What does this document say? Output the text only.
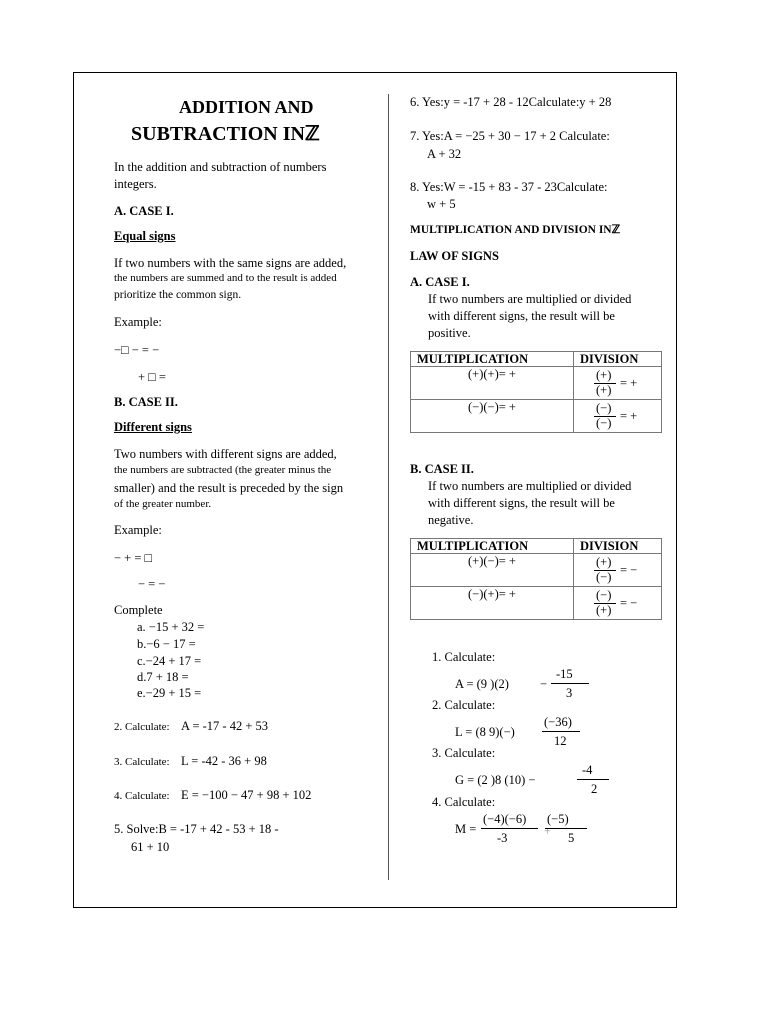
ADDITION AND
SUBTRACTION INℤ
In the addition and subtraction of numbers
integers.
A. CASE I.
Equal signs
If two numbers with the same signs are added,
the numbers are summed and to the result is added
prioritize the common sign.
Example:
−□ − = −
+ □ =
B. CASE II.
Different signs
Two numbers with different signs are added,
the numbers are subtracted (the greater minus the
smaller) and the result is preceded by the sign
of the greater number.
Example:
− + = □
− = −
Complete
a. −15 + 32 =
b.−6 − 17 =
c.−24 + 17 =
d.7 + 18 =
e.−29 + 15 =
2. Calculate: A = -17 - 42 + 53
3. Calculate: L = -42 - 36 + 98
4. Calculate: E = −100 − 47 + 98 + 102
5. Solve:B = -17 + 42 - 53 + 18 -
61 + 10
6. Yes:y = -17 + 28 - 12Calculate:y + 28
7. Yes:A = −25 + 30 − 17 + 2 Calculate:
A + 32
8. Yes:W = -15 + 83 - 37 - 23Calculate:
w + 5
MULTIPLICATION AND DIVISION INℤ
LAW OF SIGNS
A. CASE I.
If two numbers are multiplied or divided
with different signs, the result will be
positive.
MULTIPLICATION	DIVISION
(+)(+)= +	(+)
(+) = +

(−)(−)= +	(−)
(−) = +
B. CASE II.
If two numbers are multiplied or divided
with different signs, the result will be
negative.
MULTIPLICATION	DIVISION
(+)(−)= +	(+)
(−) = −

(−)(+)= +	(−)
(+) = −
1. Calculate:
A = (9 )(2) −
-15
3
2. Calculate:
L = (8 9)(−)
(−36)
12
3. Calculate:
G = (2 )8 (10) −
-4
2
4. Calculate:
M =
(−4)(−6)
-3	+
(−5)
5
